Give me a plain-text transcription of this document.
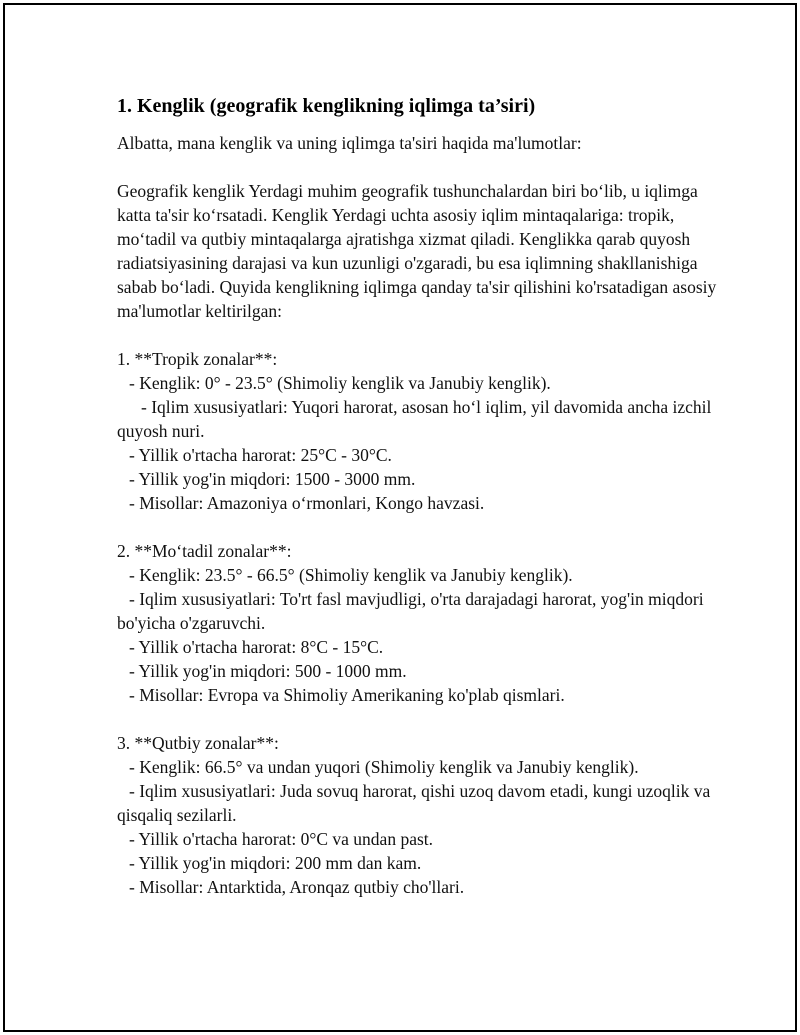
1. Kenglik (geografik kenglikning iqlimga ta’siri)
Albatta, mana kenglik va uning iqlimga ta'siri haqida ma'lumotlar:
Geografik kenglik Yerdagi muhim geografik tushunchalardan biri bo‘lib, u iqlimga katta ta'sir ko‘rsatadi. Kenglik Yerdagi uchta asosiy iqlim mintaqalariga: tropik, mo‘tadil va qutbiy mintaqalarga ajratishga xizmat qiladi. Kenglikka qarab quyosh radiatsiyasining darajasi va kun uzunligi o'zgaradi, bu esa iqlimning shakllanishiga sabab bo‘ladi. Quyida kenglikning iqlimga qanday ta'sir qilishini ko'rsatadigan asosiy ma'lumotlar keltirilgan:
1. **Tropik zonalar**:
- Kenglik: 0° - 23.5° (Shimoliy kenglik va Janubiy kenglik).
- Iqlim xususiyatlari: Yuqori harorat, asosan ho‘l iqlim, yil davomida ancha izchil quyosh nuri.
- Yillik o'rtacha harorat: 25°C - 30°C.
- Yillik yog'in miqdori: 1500 - 3000 mm.
- Misollar: Amazoniya o‘rmonlari, Kongo havzasi.
2. **Mo‘tadil zonalar**:
- Kenglik: 23.5° - 66.5° (Shimoliy kenglik va Janubiy kenglik).
- Iqlim xususiyatlari: To'rt fasl mavjudligi, o'rta darajadagi harorat, yog'in miqdori bo'yicha o'zgaruvchi.
- Yillik o'rtacha harorat: 8°C - 15°C.
- Yillik yog'in miqdori: 500 - 1000 mm.
- Misollar: Evropa va Shimoliy Amerikaning ko'plab qismlari.
3. **Qutbiy zonalar**:
- Kenglik: 66.5° va undan yuqori (Shimoliy kenglik va Janubiy kenglik).
- Iqlim xususiyatlari: Juda sovuq harorat, qishi uzoq davom etadi, kungi uzoqlik va qisqaliq sezilarli.
- Yillik o'rtacha harorat: 0°C va undan past.
- Yillik yog'in miqdori: 200 mm dan kam.
- Misollar: Antarktida, Aronqaz qutbiy cho'llari.
